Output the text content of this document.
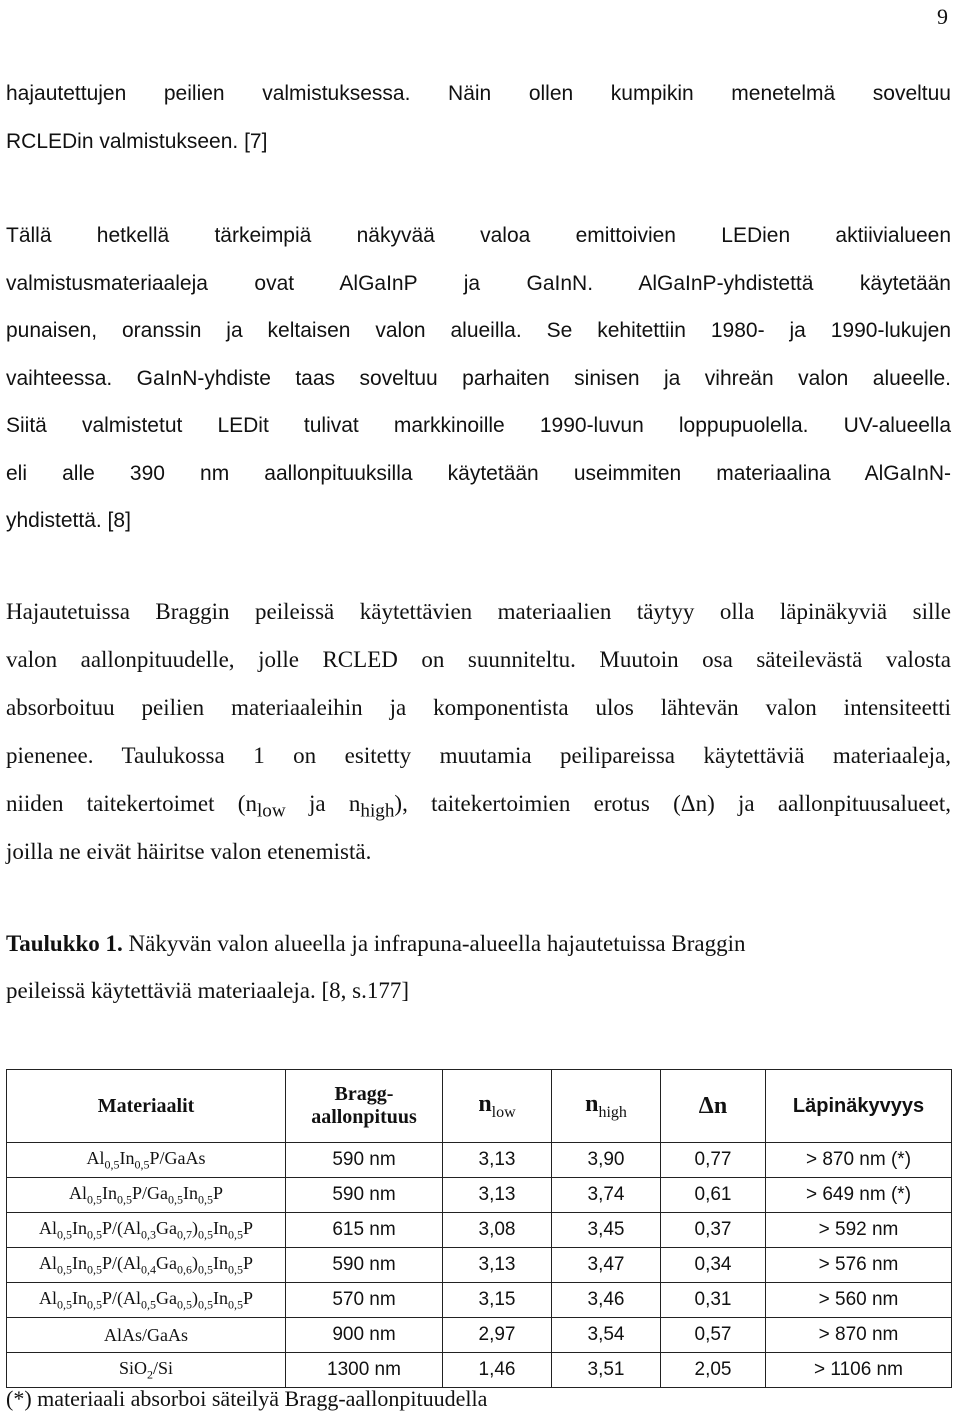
9
hajautettujen peilien valmistuksessa. Näin ollen kumpikin menetelmä soveltuu
RCLEDin valmistukseen. [7]
Tällä hetkellä tärkeimpiä näkyvää valoa emittoivien LEDien aktiivialueen
valmistusmateriaaleja ovat AlGaInP ja GaInN. AlGaInP-yhdistettä käytetään
punaisen, oranssin ja keltaisen valon alueilla. Se kehitettiin 1980- ja 1990-lukujen
vaihteessa. GaInN-yhdiste taas soveltuu parhaiten sinisen ja vihreän valon alueelle.
Siitä valmistetut LEDit tulivat markkinoille 1990-luvun loppupuolella. UV-alueella
eli alle 390 nm aallonpituuksilla käytetään useimmiten materiaalina AlGaInN-
yhdistettä. [8]
Hajautetuissa Braggin peileissä käytettävien materiaalien täytyy olla läpinäkyviä sille
valon aallonpituudelle, jolle RCLED on suunniteltu. Muutoin osa säteilevästä valosta
absorboituu peilien materiaaleihin ja komponentista ulos lähtevän valon intensiteetti
pienenee. Taulukossa 1 on esitetty muutamia peilipareissa käytettäviä materiaaleja,
niiden taitekertoimet ($n_{low}$ ja $n_{high}$), taitekertoimien erotus (Δn) ja aallonpituusalueet,
joilla ne eivät häiritse valon etenemistä.
Taulukko 1. Näkyvän valon alueella ja infrapuna-alueella hajautetuissa Braggin
peileissä käytettäviä materiaaleja. [8, s.177]
Materiaalit	Bragg-
aallonpituus	$n_{low}$	$n_{high}$	Δn	Läpinäkyvyys
$Al_{0,5}In_{0,5}P$/GaAs	590 nm	3,13	3,90	0,77	> 870 nm (*)
$Al_{0,5}In_{0,5}P/Ga_{0,5}In_{0,5}P$	590 nm	3,13	3,74	0,61	> 649 nm (*)
$Al_{0,5}In_{0,5}P/(Al_{0,3}Ga_{0,7})_{0,5}In_{0,5}P$	615 nm	3,08	3,45	0,37	> 592 nm
$Al_{0,5}In_{0,5}P/(Al_{0,4}Ga_{0,6})_{0,5}In_{0,5}P$	590 nm	3,13	3,47	0,34	> 576 nm
$Al_{0,5}In_{0,5}P/(Al_{0,5}Ga_{0,5})_{0,5}In_{0,5}P$	570 nm	3,15	3,46	0,31	> 560 nm
AlAs/GaAs	900 nm	2,97	3,54	0,57	> 870 nm
SiO$_2$/Si	1300 nm	1,46	3,51	2,05	> 1106 nm
(*) materiaali absorboi säteilyä Bragg-aallonpituudella
